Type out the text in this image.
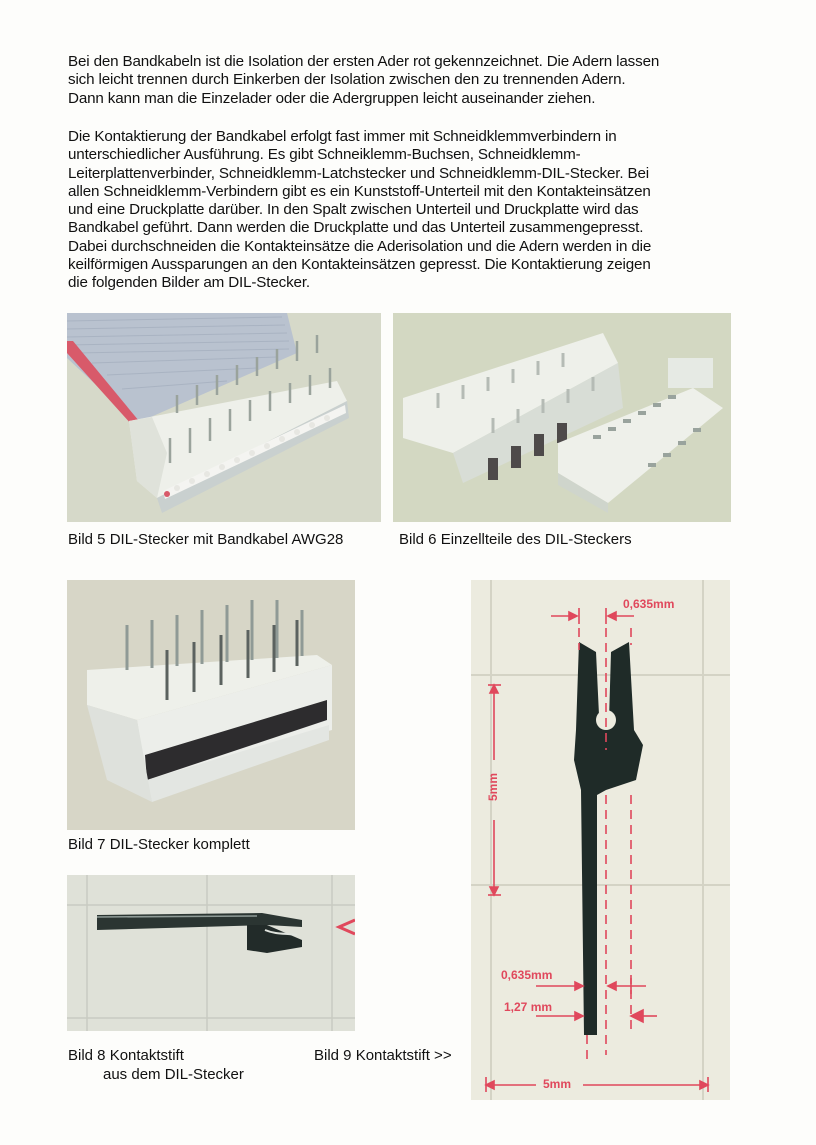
Bei den Bandkabeln ist die Isolation der ersten Ader rot gekennzeichnet. Die Adern lassen

sich leicht trennen durch Einkerben der Isolation zwischen den zu trennenden Adern.

Dann kann man die Einzelader oder die Adergruppen leicht auseinander ziehen.

Die Kontaktierung der Bandkabel erfolgt fast immer mit Schneidklemmverbindern in

unterschiedlicher Ausführung. Es gibt Schneiklemm-Buchsen, Schneidklemm-

Leiterplattenverbinder, Schneidklemm-Latchstecker und Schneidklemm-DIL-Stecker. Bei

allen Schneidklemm-Verbindern gibt es ein Kunststoff-Unterteil mit den Kontakteinsätzen

und eine Druckplatte darüber. In den Spalt zwischen Unterteil und Druckplatte wird das

Bandkabel geführt. Dann werden die Druckplatte und das Unterteil zusammengepresst.

Dabei durchschneiden die Kontakteinsätze die Aderisolation und die Adern werden in die

keilförmigen Aussparungen an den Kontakteinsätzen gepresst. Die Kontaktierung zeigen

die folgenden Bilder am DIL-Stecker.

Bild 5 DIL-Stecker mit Bandkabel AWG28	Bild 6 Einzellteile des DIL-Steckers
Bild 7 DIL-Stecker komplett
Bild 8 Kontaktstift
aus dem DIL-Stecker
Bild 9 Kontaktstift >>
0,635mm
5mm
0,635mm
1,27 mm
5mm
